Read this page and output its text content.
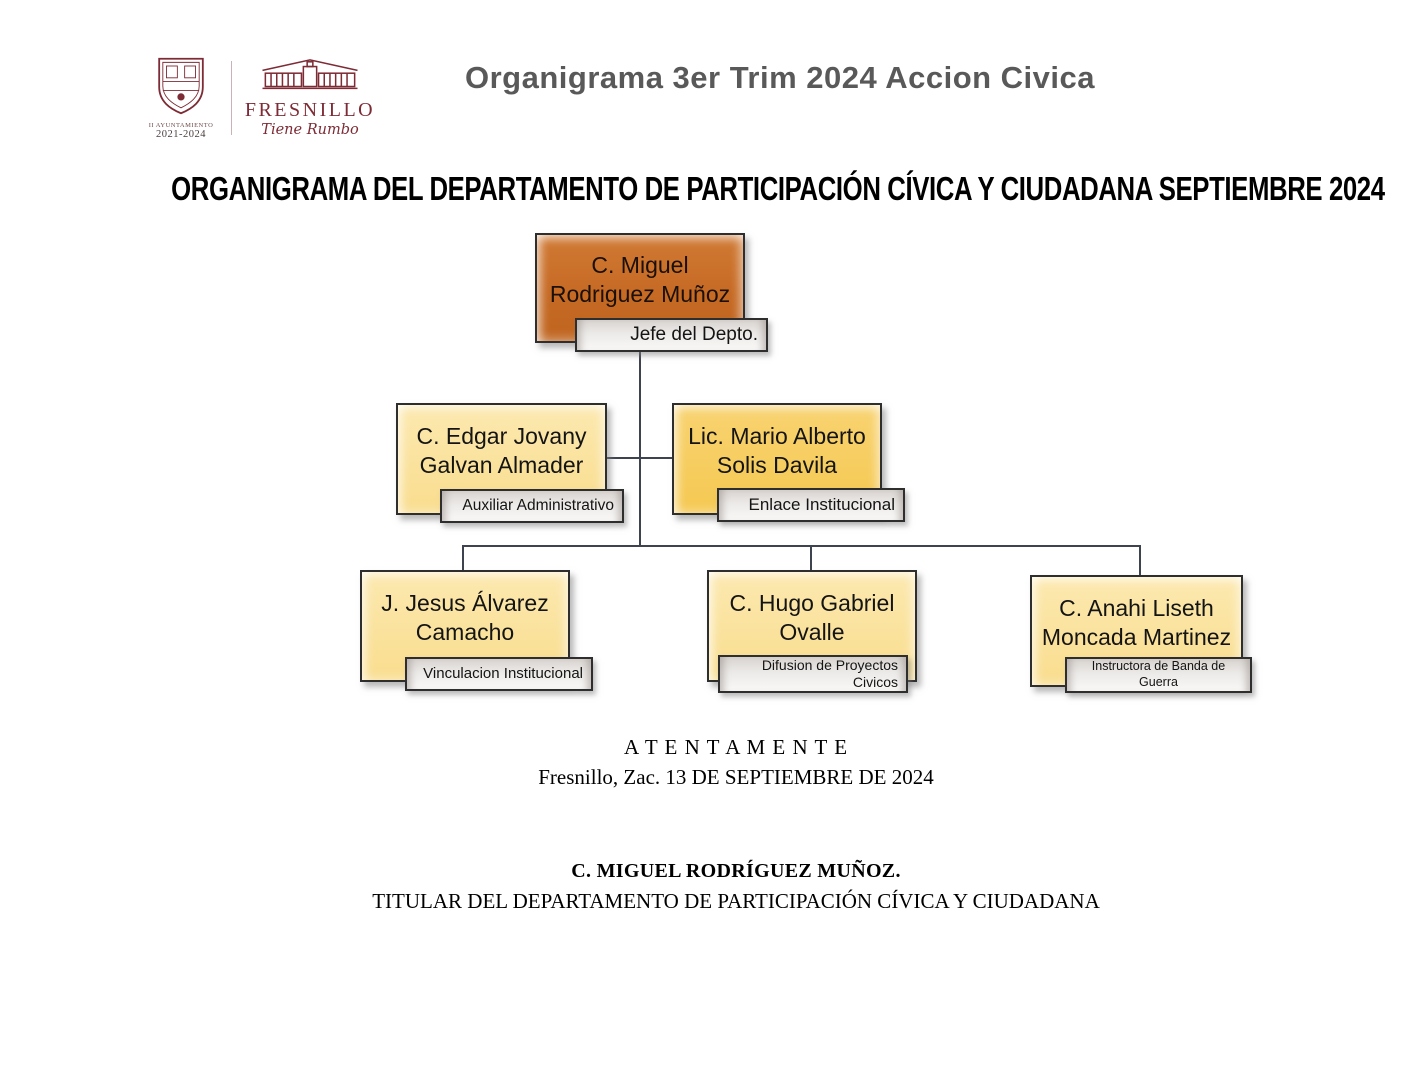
II AYUNTAMIENTO
2021-2024
FRESNILLO
Tiene Rumbo
Organigrama 3er Trim 2024 Accion Civica
ORGANIGRAMA DEL DEPARTAMENTO DE PARTICIPACIÓN CÍVICA Y CIUDADANA SEPTIEMBRE 2024
C. Miguel
Rodriguez Muñoz
Jefe del Depto.
C. Edgar Jovany
Galvan Almader
Auxiliar Administrativo
Lic. Mario Alberto
Solis Davila
Enlace Institucional
J. Jesus Álvarez
Camacho
Vinculacion Institucional
C. Hugo Gabriel
Ovalle
Difusion de Proyectos
Civicos
C. Anahi Liseth
Moncada Martinez
Instructora de Banda de
Guerra
A T E N T A M E N T E
Fresnillo, Zac. 13 DE SEPTIEMBRE DE 2024
C. MIGUEL RODRÍGUEZ MUÑOZ.
TITULAR DEL DEPARTAMENTO DE PARTICIPACIÓN CÍVICA Y CIUDADANA
